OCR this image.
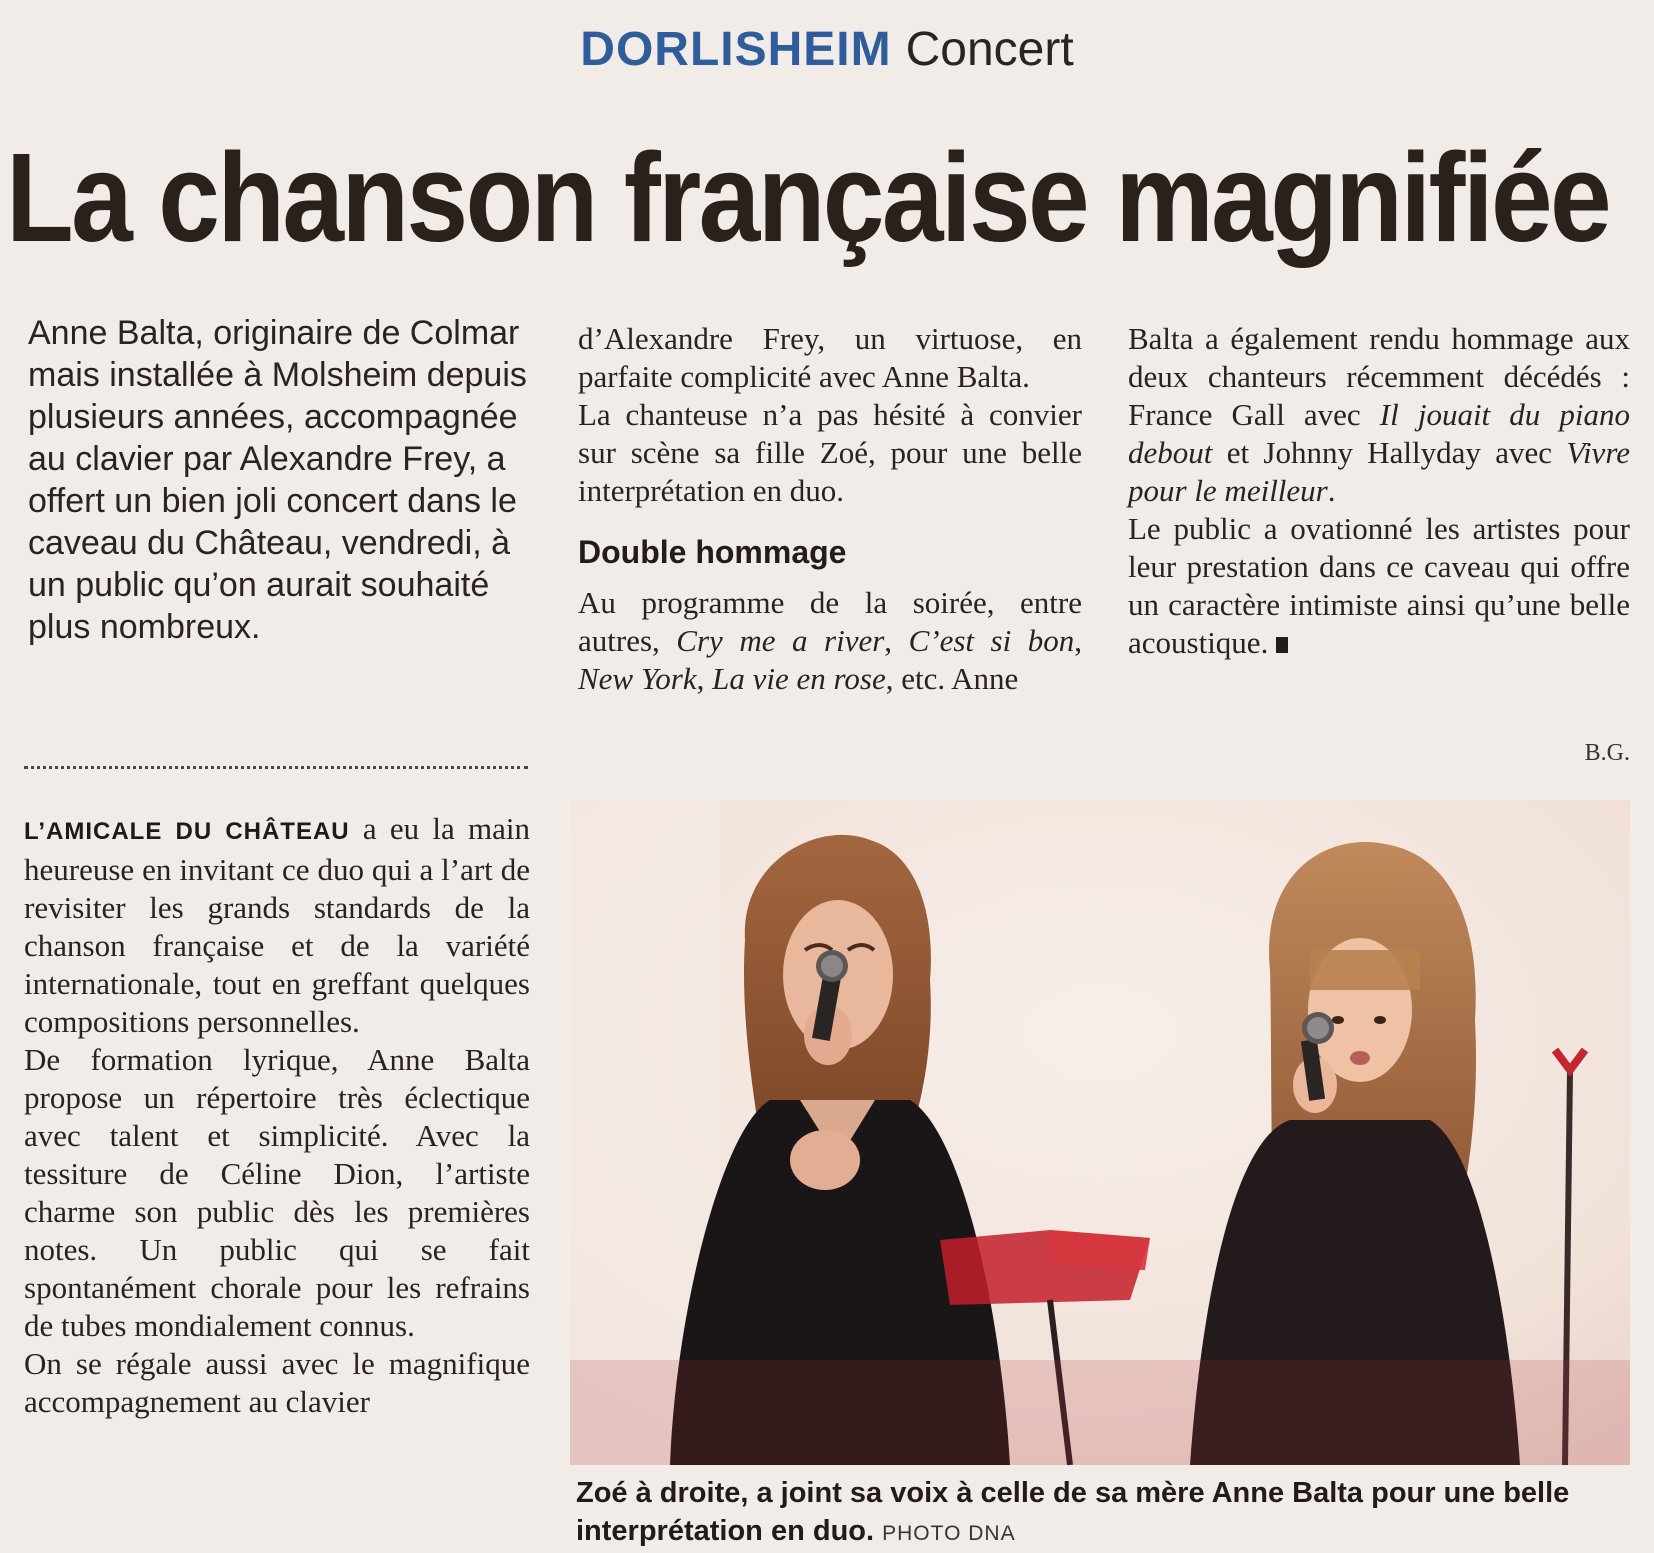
DORLISHEIM Concert
La chanson française magnifiée
Anne Balta, originaire de Colmar mais installée à Molsheim depuis plusieurs années, accompagnée au clavier par Alexandre Frey, a offert un bien joli concert dans le caveau du Château, vendredi, à un public qu’on aurait souhaité plus nombreux.

L’AMICALE DU CHÂTEAU a eu la main heureuse en invitant ce duo qui a l’art de revisiter les grands standards de la chanson française et de la variété internationale, tout en greffant quelques compositions personnelles.

De formation lyrique, Anne Balta propose un répertoire très éclectique avec talent et simplicité. Avec la tessiture de Céline Dion, l’artiste charme son public dès les premières notes. Un public qui se fait spontanément chorale pour les refrains de tubes mondialement connus.

On se régale aussi avec le magnifique accompagnement au clavier

d’Alexandre Frey, un virtuose, en parfaite complicité avec Anne Balta.

La chanteuse n’a pas hésité à convier sur scène sa fille Zoé, pour une belle interprétation en duo.

Double hommage

Au programme de la soirée, entre autres, Cry me a river, C’est si bon, New York, La vie en rose, etc. Anne

Balta a également rendu hommage aux deux chanteurs récemment décédés : France Gall avec Il jouait du piano debout et Johnny Hallyday avec Vivre pour le meilleur.

Le public a ovationné les artistes pour leur prestation dans ce caveau qui offre un caractère intimiste ainsi qu’une belle acoustique.

B.G.
Zoé à droite, a joint sa voix à celle de sa mère Anne Balta pour une belle interprétation en duo. PHOTO DNA
